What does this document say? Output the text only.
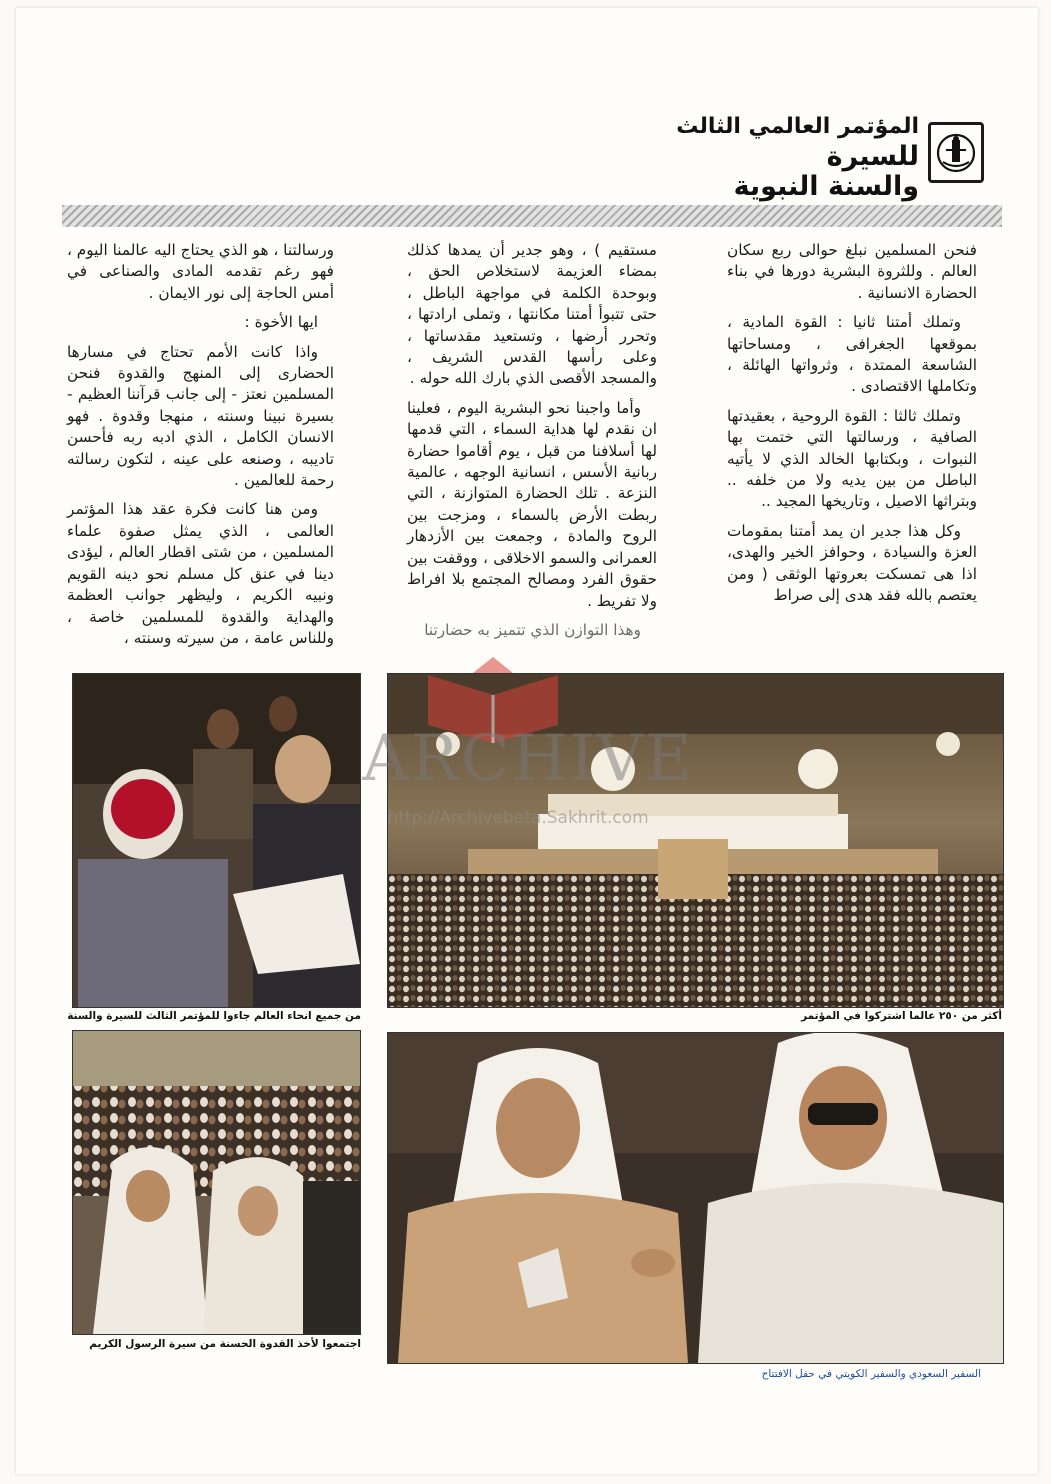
المؤتمر العالمي الثالث
للسيرة
والسنة النبوية

فنحن المسلمين نبلغ حوالى ربع سكان العالم . وللثروة البشرية دورها في بناء الحضارة الانسانية .

وتملك أمتنا ثانيا : القوة المادية ، بموقعها الجغرافى ، ومساحاتها الشاسعة الممتدة ، وثرواتها الهائلة ، وتكاملها الاقتصادى .

وتملك ثالثا : القوة الروحية ، بعقيدتها الصافية ، ورسالتها التي ختمت بها النبوات ، وبكتابها الخالد الذي لا يأتيه الباطل من بين يديه ولا من خلفه .. وبتراثها الاصيل ، وتاريخها المجيد ..

وكل هذا جدير ان يمد أمتنا بمقومات العزة والسيادة ، وحوافز الخير والهدى، اذا هى تمسكت بعروتها الوثقى ( ومن يعتصم بالله فقد هدى إلى صراط

مستقيم ) ، وهو جدير أن يمدها كذلك بمضاء العزيمة لاستخلاص الحق ، وبوحدة الكلمة في مواجهة الباطل ، حتى تتبوأ أمتنا مكانتها ، وتملى ارادتها ، وتحرر أرضها ، وتستعيد مقدساتها ، وعلى رأسها القدس الشريف ، والمسجد الأقصى الذي بارك الله حوله .

وأما واجبنا نحو البشرية اليوم ، فعلينا ان نقدم لها هداية السماء ، التي قدمها لها أسلافنا من قبل ، يوم أقاموا حضارة ربانية الأسس ، انسانية الوجهه ، عالمية النزعة . تلك الحضارة المتوازنة ، التي ربطت الأرض بالسماء ، ومزجت بين الروح والمادة ، وجمعت بين الأزدهار العمرانى والسمو الاخلاقى ، ووقفت بين حقوق الفرد ومصالح المجتمع بلا افراط ولا تفريط .

وهذا التوازن الذي تتميز به حضارتنا

ورسالتنا ، هو الذي يحتاج اليه عالمنا اليوم ، فهو رغم تقدمه المادى والصناعى في أمس الحاجة إلى نور الايمان .

ايها الأخوة :

واذا كانت الأمم تحتاج في مسارها الحضارى إلى المنهج والقدوة فنحن المسلمين نعتز - إلى جانب قرآننا العظيم - بسيرة نبينا وسنته ، منهجا وقدوة . فهو الانسان الكامل ، الذي ادبه ربه فأحسن تاديبه ، وصنعه على عينه ، لتكون رسالته رحمة للعالمين .

ومن هنا كانت فكرة عقد هذا المؤتمر العالمى ، الذي يمثل صفوة علماء المسلمين ، من شتى اقطار العالم ، ليؤدى دينا في عنق كل مسلم نحو دينه القويم ونبيه الكريم ، وليظهر جوانب العظمة والهداية والقدوة للمسلمين خاصة ، وللناس عامة ، من سيرته وسنته ،

أكثر من ٢٥٠ عالما اشتركوا في المؤتمر
من جميع انحاء العالم جاءوا للمؤتمر الثالث للسيرة والسنة
السفير السعودي والسفير الكويتي في حفل الافتتاح
اجتمعوا لأخذ القدوة الحسنة من سيرة الرسول الكريم
ARCHIVE
http://Archivebeta.Sakhrit.com
